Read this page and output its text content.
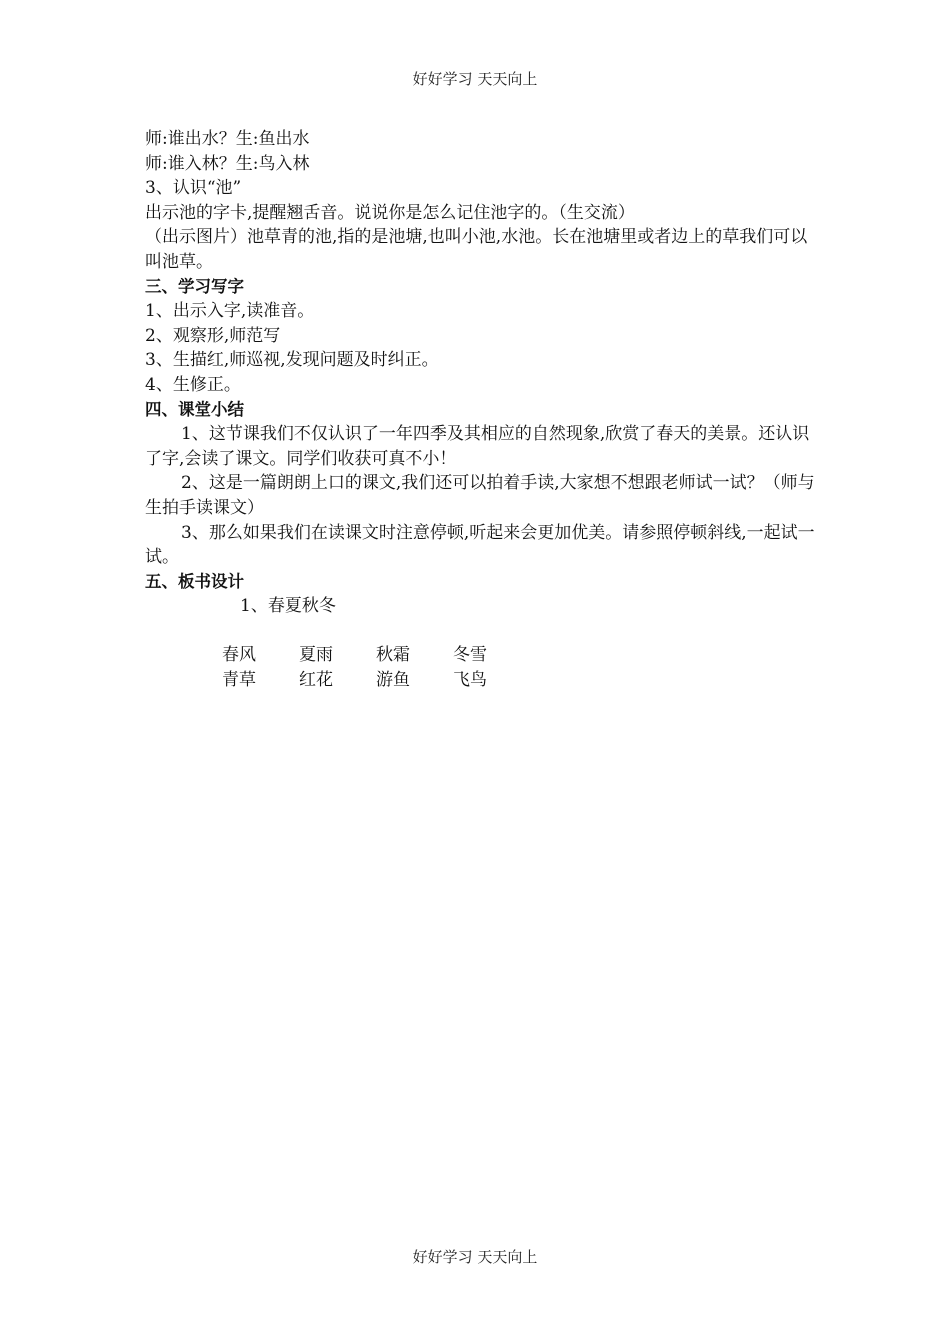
好好学习 天天向上
师:谁出水？生:鱼出水
师:谁入林？生:鸟入林
3、认识“池”
出示池的字卡,提醒翘舌音。说说你是怎么记住池字的。（生交流）
（出示图片）池草青的池,指的是池塘,也叫小池,水池。长在池塘里或者边上的草我们可以叫池草。
三、学习写字
1、出示入字,读准音。
2、观察形,师范写
3、生描红,师巡视,发现问题及时纠正。
4、生修正。
四、课堂小结
1、这节课我们不仅认识了一年四季及其相应的自然现象,欣赏了春天的美景。还认识了字,会读了课文。同学们收获可真不小！
2、这是一篇朗朗上口的课文,我们还可以拍着手读,大家想不想跟老师试一试？（师与生拍手读课文）
3、那么如果我们在读课文时注意停顿,听起来会更加优美。请参照停顿斜线,一起试一试。
五、板书设计
1、春夏秋冬
春风	夏雨	秋霜	冬雪
青草	红花	游鱼	飞鸟
好好学习 天天向上
